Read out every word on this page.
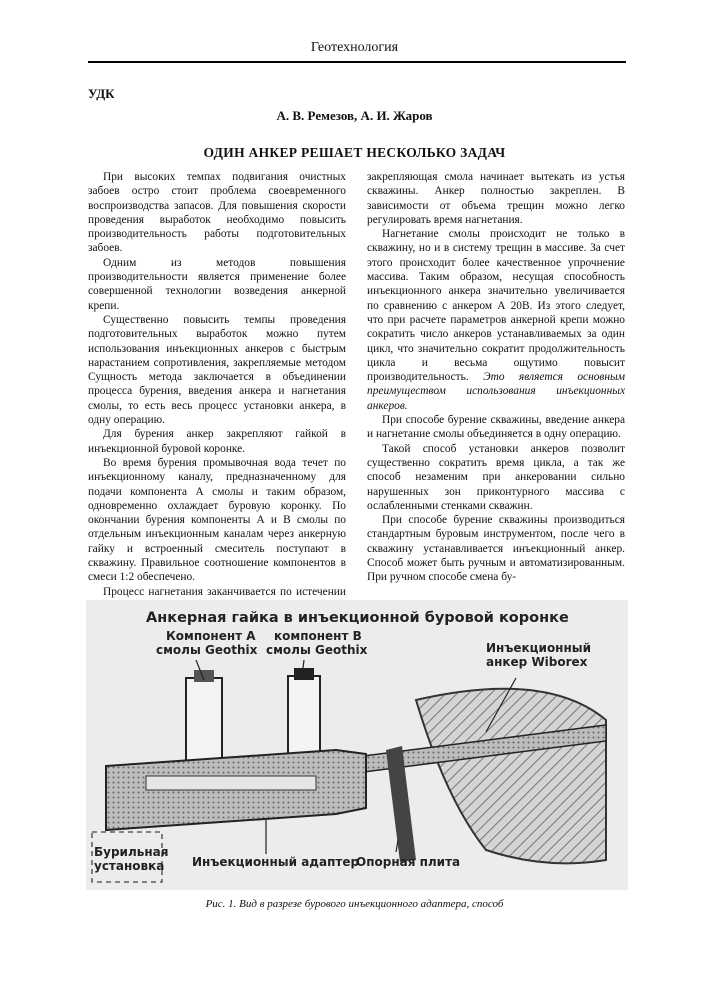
Геотехнология
УДК
А. В. Ремезов, А. И. Жаров
ОДИН АНКЕР РЕШАЕТ НЕСКОЛЬКО ЗАДАЧ

При высоких темпах подвигания очистных забоев остро стоит проблема своевременного воспроизводства запасов. Для повышения скорости проведения выработок необходимо повысить производительность работы подготовительных забоев.

Одним из методов повышения производительности является применение более совершенной технологии возведения анкерной крепи.

Существенно повысить темпы проведения подготовительных выработок можно путем использования инъекционных анкеров с быстрым нарастанием сопротивления, закрепляемые методом Сущность метода заключается в объединении процесса бурения, введения анкера и нагнетания смолы, то есть весь процесс установки анкера, в одну операцию.

Для бурения анкер закрепляют гайкой в инъекционной буровой коронке.

Во время бурения промывочная вода течет по инъекционному каналу, предназначенному для подачи компонента А смолы и таким образом, одновременно охлаждает буровую коронку. По окончании бурения компоненты А и В смолы по отдельным инъекционным каналам через анкерную гайку и встроенный смеситель поступают в скважину. Правильное соотношение компонентов в смеси 1:2 обеспечено.

Процесс нагнетания заканчивается по истечении

закрепляющая смола начинает вытекать из устья скважины. Анкер полностью закреплен. В зависимости от объема трещин можно легко регулировать время нагнетания.

Нагнетание смолы происходит не только в скважину, но и в систему трещин в массиве. За счет этого происходит более качественное упрочнение массива. Таким образом, несущая способность инъекционного анкера значительно увеличивается по сравнению с анкером А 20В. Из этого следует, что при расчете параметров анкерной крепи можно сократить число анкеров устанавливаемых за один цикл, что значительно сократит продолжительность цикла и весьма ощутимо повысит производительность. Это является основным преимуществом использования инъекционных анкеров.

При способе бурение скважины, введение анкера и нагнетание смолы объединяется в одну операцию.

Такой способ установки анкеров позволит существенно сократить время цикла, а так же способ незаменим при анкеровании сильно нарушенных зон приконтурного массива с ослабленными стенками скважин.

При способе бурение скважины производиться стандартным буровым инструментом, после чего в скважину устанавливается инъекционный анкер. Способ может быть ручным и автоматизированным. При ручном способе смена бу-

Анкерная гайка в инъекционной буровой коронке
Компонент А
смолы Geothix
компонент В
смолы Geothix	Инъекционный
анкер Wiborex
Бурильная
установка Инъекционный адаптер
Опорная плита
Рис. 1. Вид в разрезе бурового инъекционного адаптера, способ
